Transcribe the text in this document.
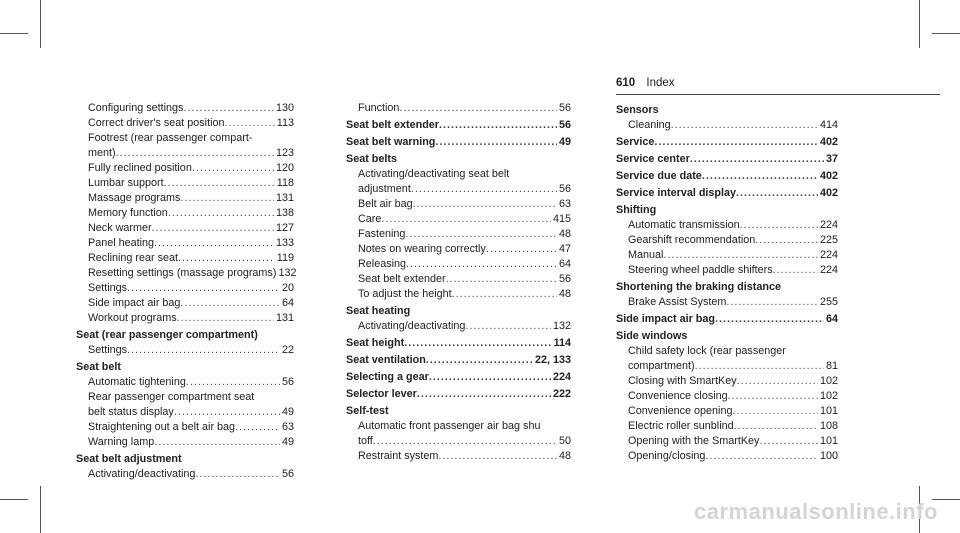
610 Index
Configuring settings .....	130
Correct driver's seat position .....	113
Footrest (rear passenger compart-
ment) .....	123
Fully reclined position .....	120
Lumbar support .....	118
Massage programs .....	131
Memory function .....	138
Neck warmer .....	127
Panel heating .....	133
Reclining rear seat .....	119
Resetting settings (massage programs) 132
Settings .....	20
Side impact air bag .....	64
Workout programs .....	131
Seat (rear passenger compartment)
Settings .....	22
Seat belt
Automatic tightening .....	56
Rear passenger compartment seat
belt status display .....	49
Straightening out a belt air bag .....	63
Warning lamp .....	49
Seat belt adjustment
Activating/deactivating .....	56
Function .....	56
Seat belt extender .....	56
Seat belt warning .....	49
Seat belts
Activating/deactivating seat belt
adjustment .....	56
Belt air bag .....	63
Care .....	415
Fastening .....	48
Notes on wearing correctly .....	47
Releasing .....	64
Seat belt extender .....	56
To adjust the height .....	48
Seat heating
Activating/deactivating .....	132
Seat height .....	114
Seat ventilation .....	22, 133
Selecting a gear .....	224
Selector lever .....	222
Self-test
Automatic front passenger air bag shu
toff .....	50
Restraint system .....	48
Sensors
Cleaning .....	414
Service .....	402
Service center .....	37
Service due date .....	402
Service interval display .....	402
Shifting
Automatic transmission .....	224
Gearshift recommendation .....	225
Manual .....	224
Steering wheel paddle shifters .....	224
Shortening the braking distance
Brake Assist System .....	255
Side impact air bag .....	64
Side windows
Child safety lock (rear passenger
compartment) .....	81
Closing with SmartKey .....	102
Convenience closing .....	102
Convenience opening .....	101
Electric roller sunblind .....	108
Opening with the SmartKey .....	101
Opening/closing .....	100
carmanualsonline.info
